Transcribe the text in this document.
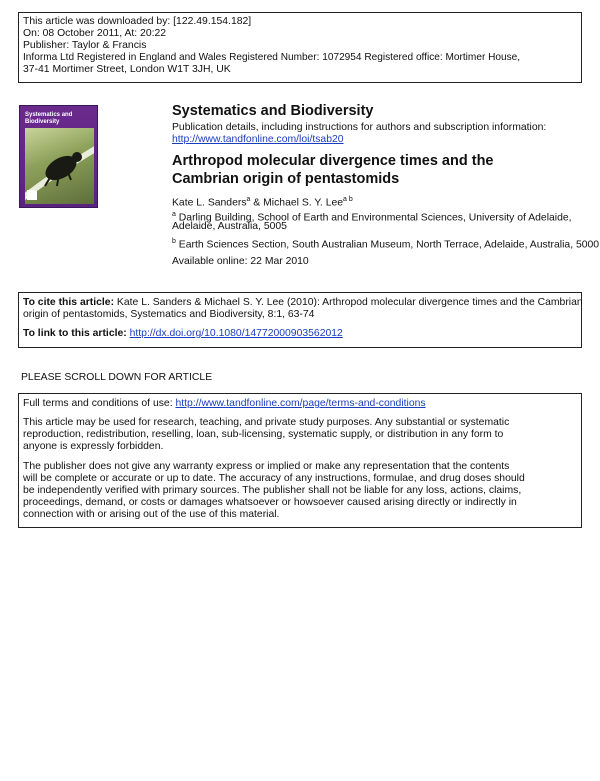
This article was downloaded by: [122.49.154.182]
On: 08 October 2011, At: 20:22
Publisher: Taylor & Francis
Informa Ltd Registered in England and Wales Registered Number: 1072954 Registered office: Mortimer House,
37-41 Mortimer Street, London W1T 3JH, UK
Systematics and
Biodiversity
Systematics and Biodiversity
Publication details, including instructions for authors and subscription information:
http://www.tandfonline.com/loi/tsab20
Arthropod molecular divergence times and the
Cambrian origin of pentastomids
Kate L. Sanders$^a$ & Michael S. Y. Lee$^{a b}$
$^a$ Darling Building, School of Earth and Environmental Sciences, University of Adelaide,
Adelaide, Australia, 5005
$^b$ Earth Sciences Section, South Australian Museum, North Terrace, Adelaide, Australia, 5000
Available online: 22 Mar 2010
To cite this article: Kate L. Sanders & Michael S. Y. Lee (2010): Arthropod molecular divergence times and the Cambrian
origin of pentastomids, Systematics and Biodiversity, 8:1, 63-74
To link to this article: http://dx.doi.org/10.1080/14772000903562012
PLEASE SCROLL DOWN FOR ARTICLE
Full terms and conditions of use: http://www.tandfonline.com/page/terms-and-conditions
This article may be used for research, teaching, and private study purposes. Any substantial or systematic
reproduction, redistribution, reselling, loan, sub-licensing, systematic supply, or distribution in any form to
anyone is expressly forbidden.
The publisher does not give any warranty express or implied or make any representation that the contents
will be complete or accurate or up to date. The accuracy of any instructions, formulae, and drug doses should
be independently verified with primary sources. The publisher shall not be liable for any loss, actions, claims,
proceedings, demand, or costs or damages whatsoever or howsoever caused arising directly or indirectly in
connection with or arising out of the use of this material.
